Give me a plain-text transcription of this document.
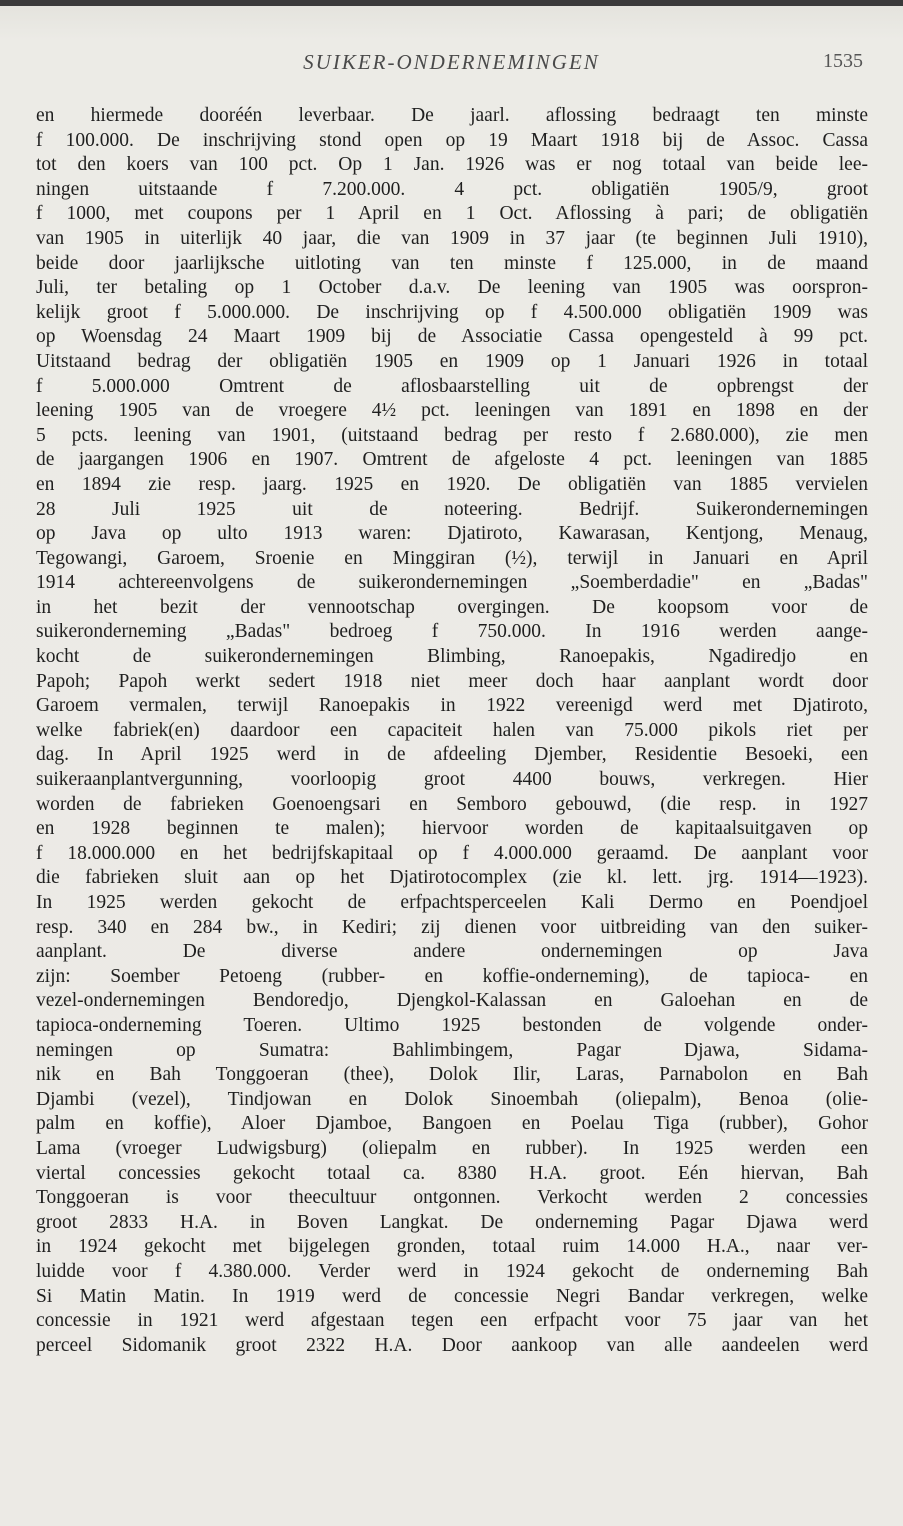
SUIKER-ONDERNEMINGEN	1535
en hiermede dooréén leverbaar. De jaarl. aflossing bedraagt ten minste
f 100.000. De inschrijving stond open op 19 Maart 1918 bij de Assoc. Cassa
tot den koers van 100 pct. Op 1 Jan. 1926 was er nog totaal van beide lee-
ningen uitstaande f 7.200.000. 4 pct. obligatiën 1905/9, groot
f 1000, met coupons per 1 April en 1 Oct. Aflossing à pari; de obligatiën
van 1905 in uiterlijk 40 jaar, die van 1909 in 37 jaar (te beginnen Juli 1910),
beide door jaarlijksche uitloting van ten minste f 125.000, in de maand
Juli, ter betaling op 1 October d.a.v. De leening van 1905 was oorspron-
kelijk groot f 5.000.000. De inschrijving op f 4.500.000 obligatiën 1909 was
op Woensdag 24 Maart 1909 bij de Associatie Cassa opengesteld à 99 pct.
Uitstaand bedrag der obligatiën 1905 en 1909 op 1 Januari 1926 in totaal
f 5.000.000 Omtrent de aflosbaarstelling uit de opbrengst der
leening 1905 van de vroegere 4½ pct. leeningen van 1891 en 1898 en der
5 pcts. leening van 1901, (uitstaand bedrag per resto f 2.680.000), zie men
de jaargangen 1906 en 1907. Omtrent de afgeloste 4 pct. leeningen van 1885
en 1894 zie resp. jaarg. 1925 en 1920. De obligatiën van 1885 vervielen
28 Juli 1925 uit de noteering. Bedrijf. Suikerondernemingen
op Java op ulto 1913 waren: Djatiroto, Kawarasan, Kentjong, Menaug,
Tegowangi, Garoem, Sroenie en Minggiran (½), terwijl in Januari en April
1914 achtereenvolgens de suikerondernemingen „Soemberdadie" en „Badas"
in het bezit der vennootschap overgingen. De koopsom voor de
suikeronderneming „Badas" bedroeg f 750.000. In 1916 werden aange-
kocht de suikerondernemingen Blimbing, Ranoepakis, Ngadiredjo en
Papoh; Papoh werkt sedert 1918 niet meer doch haar aanplant wordt door
Garoem vermalen, terwijl Ranoepakis in 1922 vereenigd werd met Djatiroto,
welke fabriek(en) daardoor een capaciteit halen van 75.000 pikols riet per
dag. In April 1925 werd in de afdeeling Djember, Residentie Besoeki, een
suikeraanplantvergunning, voorloopig groot 4400 bouws, verkregen. Hier
worden de fabrieken Goenoengsari en Semboro gebouwd, (die resp. in 1927
en 1928 beginnen te malen); hiervoor worden de kapitaalsuitgaven op
f 18.000.000 en het bedrijfskapitaal op f 4.000.000 geraamd. De aanplant voor
die fabrieken sluit aan op het Djatirotocomplex (zie kl. lett. jrg. 1914—1923).
In 1925 werden gekocht de erfpachtsperceelen Kali Dermo en Poendjoel
resp. 340 en 284 bw., in Kediri; zij dienen voor uitbreiding van den suiker-
aanplant. De diverse andere ondernemingen op Java
zijn: Soember Petoeng (rubber- en koffie-onderneming), de tapioca- en
vezel-ondernemingen Bendoredjo, Djengkol-Kalassan en Galoehan en de
tapioca-onderneming Toeren. Ultimo 1925 bestonden de volgende onder-
nemingen op Sumatra: Bahlimbingem, Pagar Djawa, Sidama-
nik en Bah Tonggoeran (thee), Dolok Ilir, Laras, Parnabolon en Bah
Djambi (vezel), Tindjowan en Dolok Sinoembah (oliepalm), Benoa (olie-
palm en koffie), Aloer Djamboe, Bangoen en Poelau Tiga (rubber), Gohor
Lama (vroeger Ludwigsburg) (oliepalm en rubber). In 1925 werden een
viertal concessies gekocht totaal ca. 8380 H.A. groot. Eén hiervan, Bah
Tonggoeran is voor theecultuur ontgonnen. Verkocht werden 2 concessies
groot 2833 H.A. in Boven Langkat. De onderneming Pagar Djawa werd
in 1924 gekocht met bijgelegen gronden, totaal ruim 14.000 H.A., naar ver-
luidde voor f 4.380.000. Verder werd in 1924 gekocht de onderneming Bah
Si Matin Matin. In 1919 werd de concessie Negri Bandar verkregen, welke
concessie in 1921 werd afgestaan tegen een erfpacht voor 75 jaar van het
perceel Sidomanik groot 2322 H.A. Door aankoop van alle aandeelen werd
